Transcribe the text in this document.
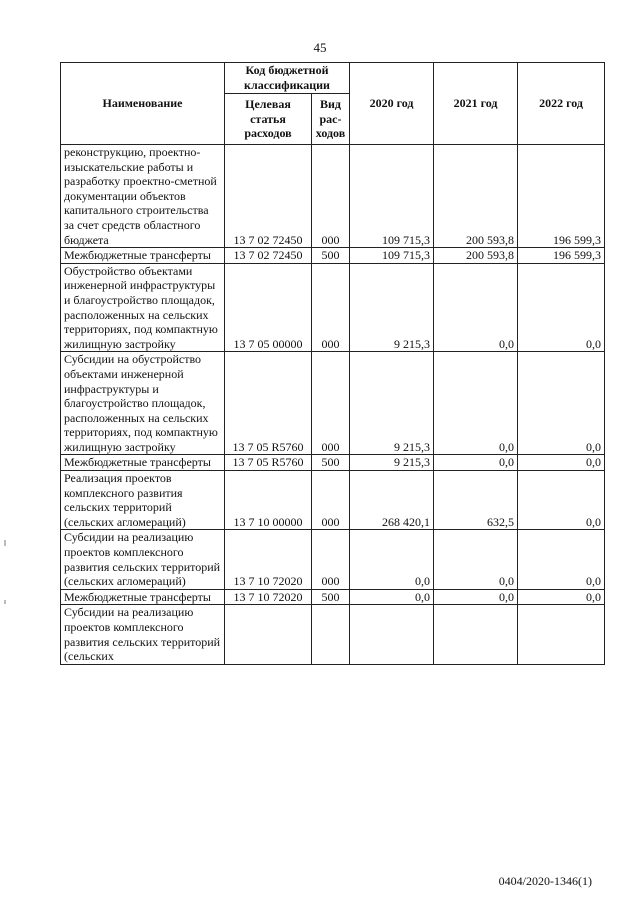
45
Наименование	Код бюджетной классификации		2020 год	2021 год	2022 год
	Целевая статья расходов	Вид рас-ходов			
реконструкцию, проектно-изыскательские работы и разработку проектно-сметной документации объектов капитального строительства за счет средств областного бюджета	13 7 02 72450	000	109 715,3	200 593,8	196 599,3
Межбюджетные трансферты	13 7 02 72450	500	109 715,3	200 593,8	196 599,3
Обустройство объектами инженерной инфраструктуры и благоустройство площадок, расположенных на сельских территориях, под компактную жилищную застройку	13 7 05 00000	000	9 215,3	0,0	0,0
Субсидии на обустройство объектами инженерной инфраструктуры и благоустройство площадок, расположенных на сельских территориях, под компактную жилищную застройку	13 7 05 R5760	000	9 215,3	0,0	0,0
Межбюджетные трансферты	13 7 05 R5760	500	9 215,3	0,0	0,0
Реализация проектов комплексного развития сельских территорий (сельских агломераций)	13 7 10 00000	000	268 420,1	632,5	0,0
Субсидии на реализацию проектов комплексного развития сельских территорий (сельских агломераций)	13 7 10 72020	000	0,0	0,0	0,0
Межбюджетные трансферты	13 7 10 72020	500	0,0	0,0	0,0
Субсидии на реализацию проектов комплексного развития сельских территорий (сельских					
0404/2020-1346(1)
